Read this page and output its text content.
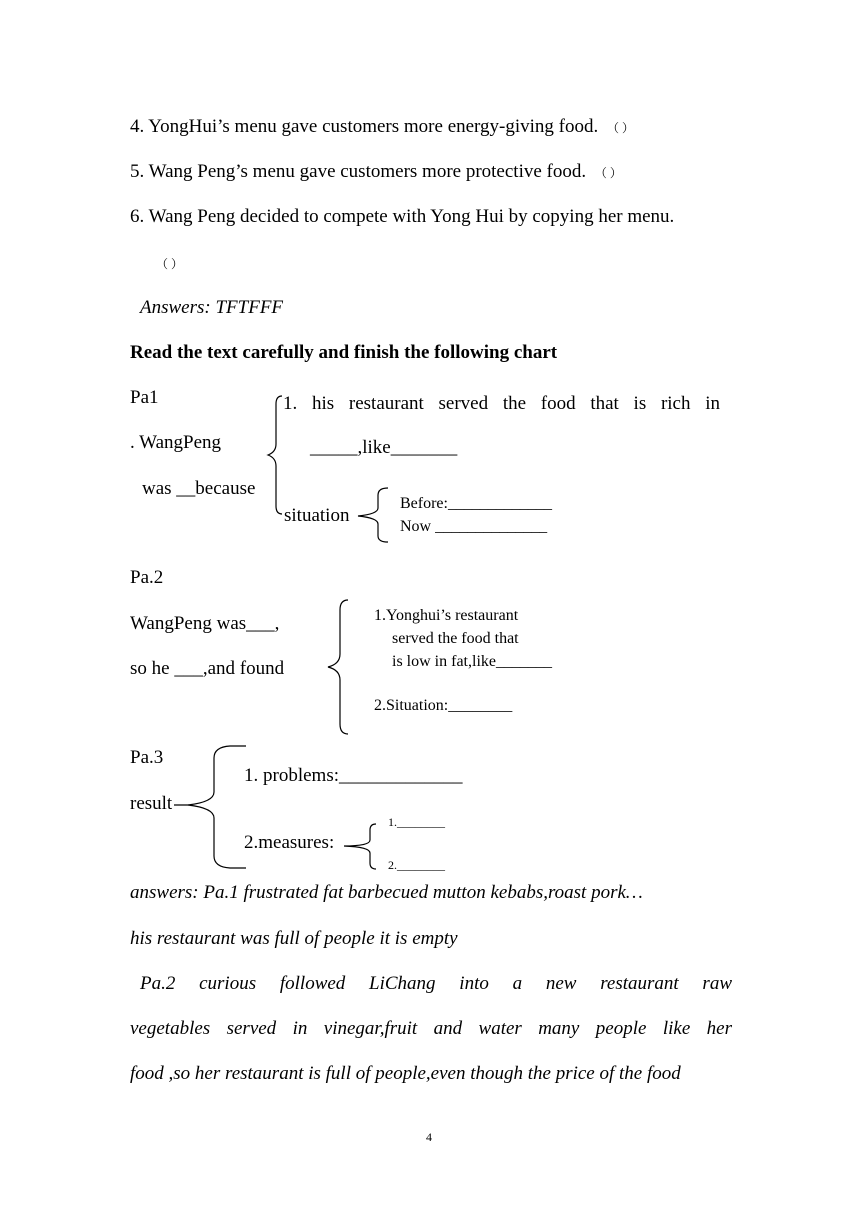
4. YongHui’s menu gave customers more energy-giving food. （ ）
5. Wang Peng’s menu gave customers more protective food. （ ）
6. Wang Peng decided to compete with Yong Hui by copying her menu.
（ ）
Answers: TFTFFF
Read the text carefully and finish the following chart
Pa1
. WangPeng
was __because
1. his restaurant served the food that is rich in
_____,like_______
situation
Before:_____________
Now ______________
Pa.2
WangPeng was___,
so he ___,and found
1.Yonghui’s restaurant
served the food that
is low in fat,like_______
2.Situation:________
Pa.3
result
1. problems:_____________
2.measures:
1.________
2.________
answers: Pa.1 frustrated fat barbecued mutton kebabs,roast pork…
his restaurant was full of people it is empty
Pa.2 curious followed LiChang into a new restaurant raw
vegetables served in vinegar,fruit and water many people like her
food ,so her restaurant is full of people,even though the price of the food
4
